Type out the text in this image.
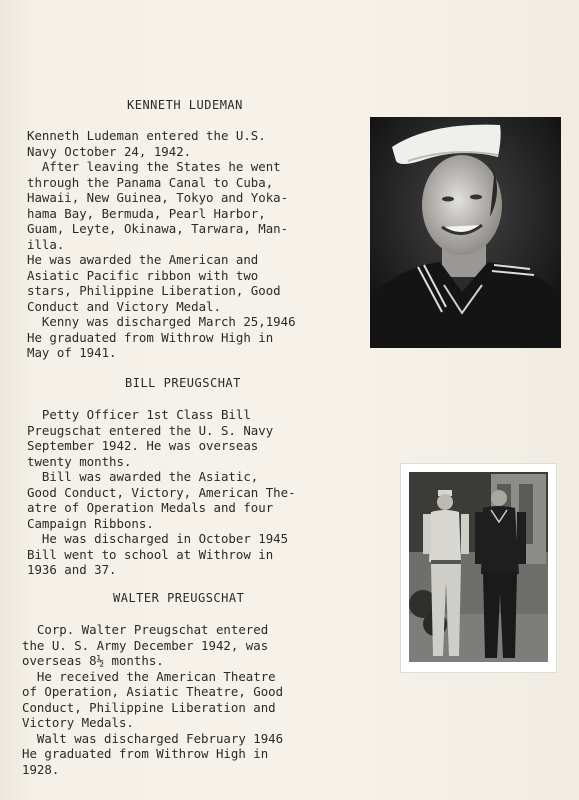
KENNETH LUDEMAN
Kenneth Ludeman entered the U.S.
Navy October 24, 1942.
After leaving the States he went
through the Panama Canal to Cuba,
Hawaii, New Guinea, Tokyo and Yoka-
hama Bay, Bermuda, Pearl Harbor,
Guam, Leyte, Okinawa, Tarwara, Man-
illa.
He was awarded the American and
Asiatic Pacific ribbon with two
stars, Philippine Liberation, Good
Conduct and Victory Medal.
Kenny was discharged March 25,1946
He graduated from Withrow High in
May of 1941.
BILL PREUGSCHAT
Petty Officer 1st Class Bill
Preugschat entered the U. S. Navy
September 1942. He was overseas
twenty months.
Bill was awarded the Asiatic,
Good Conduct, Victory, American The-
atre of Operation Medals and four
Campaign Ribbons.
He was discharged in October 1945
Bill went to school at Withrow in
1936 and 37.
WALTER PREUGSCHAT
Corp. Walter Preugschat entered
the U. S. Army December 1942, was
overseas 8½ months.
He received the American Theatre
of Operation, Asiatic Theatre, Good
Conduct, Philippine Liberation and
Victory Medals.
Walt was discharged February 1946
He graduated from Withrow High in
1928.
